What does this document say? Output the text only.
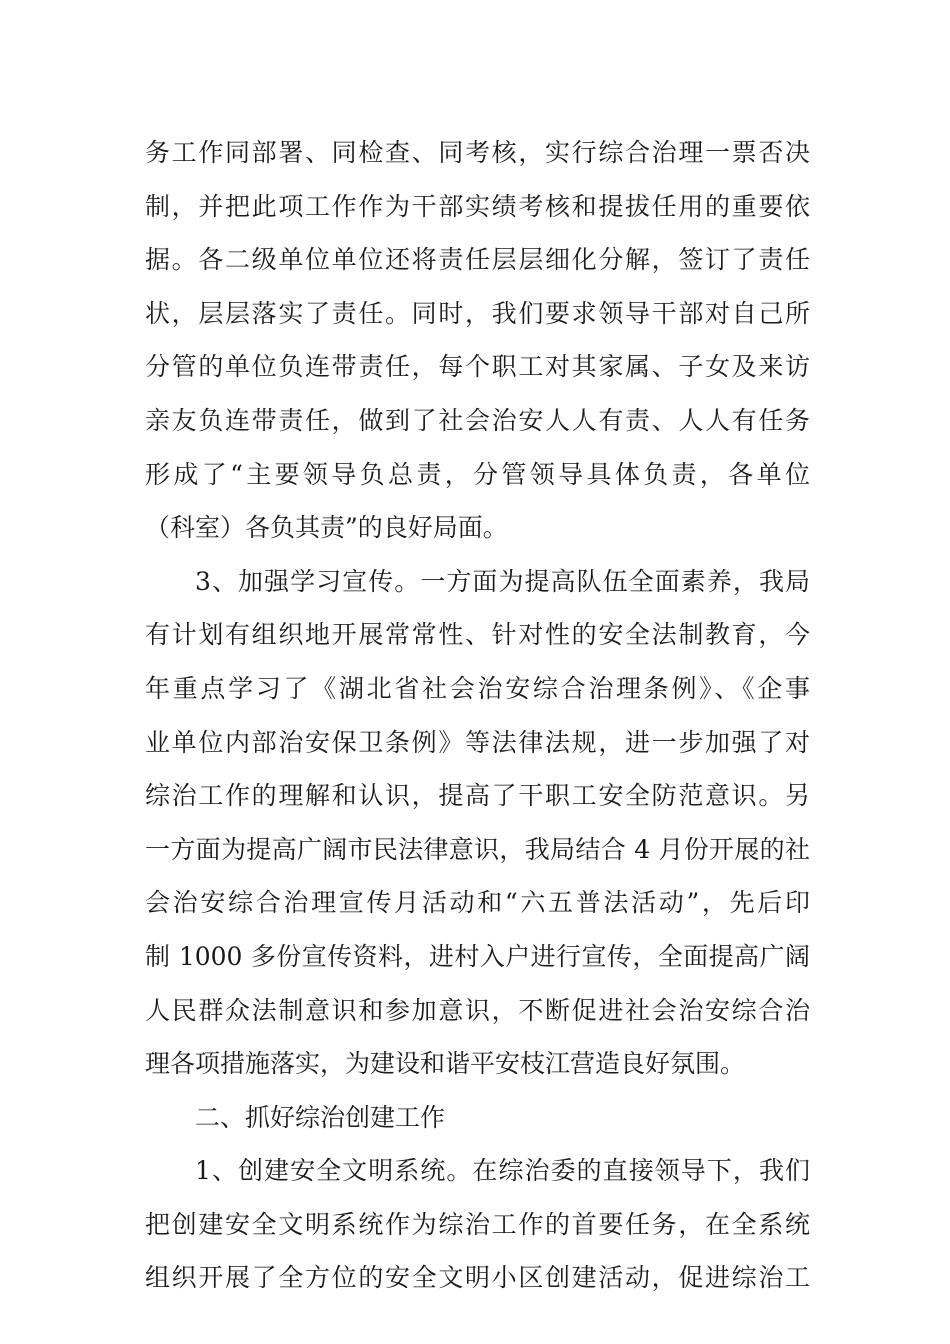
务工作同部署、同检查、同考核，实行综合治理一票否决
制，并把此项工作作为干部实绩考核和提拔任用的重要依
据。各二级单位单位还将责任层层细化分解，签订了责任
状，层层落实了责任。同时，我们要求领导干部对自己所
分管的单位负连带责任，每个职工对其家属、子女及来访
亲友负连带责任，做到了社会治安人人有责、人人有任务
形成了“主要领导负总责，分管领导具体负责，各单位
（科室）各负其责”的良好局面。
3、加强学习宣传。一方面为提高队伍全面素养，我局
有计划有组织地开展常常性、针对性的安全法制教育，今
年重点学习了《湖北省社会治安综合治理条例》、《企事
业单位内部治安保卫条例》等法律法规，进一步加强了对
综治工作的理解和认识，提高了干职工安全防范意识。另
一方面为提高广阔市民法律意识，我局结合 4 月份开展的社
会治安综合治理宣传月活动和“六五普法活动”，先后印
制 1000 多份宣传资料，进村入户进行宣传，全面提高广阔
人民群众法制意识和参加意识，不断促进社会治安综合治
理各项措施落实，为建设和谐平安枝江营造良好氛围。
二、抓好综治创建工作
1、创建安全文明系统。在综治委的直接领导下，我们
把创建安全文明系统作为综治工作的首要任务，在全系统
组织开展了全方位的安全文明小区创建活动，促进综治工
